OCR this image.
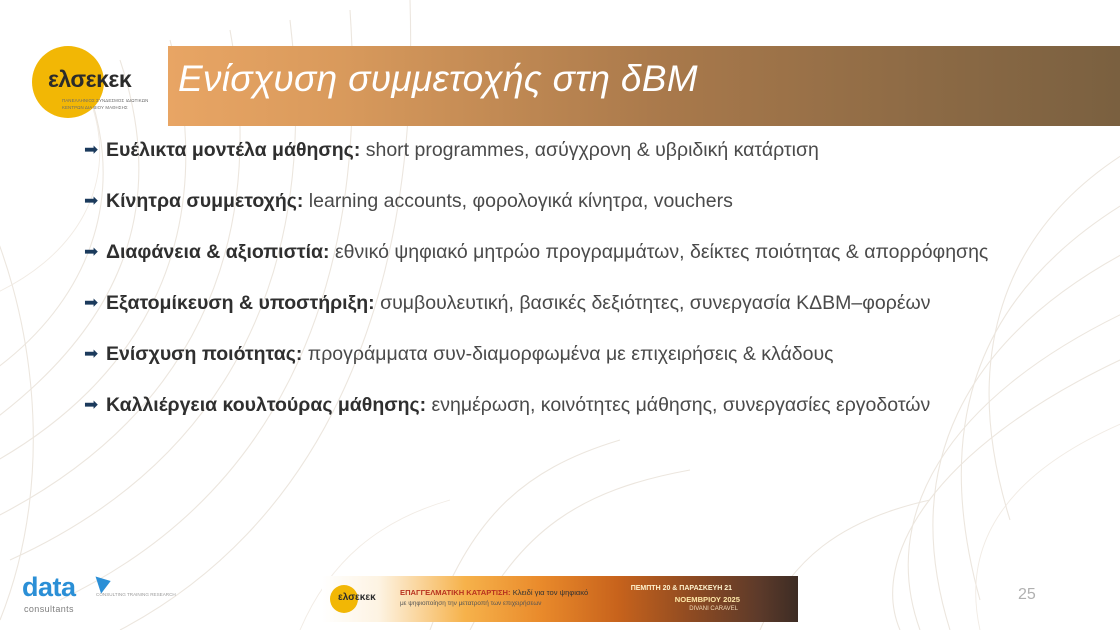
Ενίσχυση συμμετοχής στη δΒΜ
ελσεκεκ
ΠΑΝΕΛΛΗΝΙΟΣ ΣΥΝΔΕΣΜΟΣ ΙΔΙΩΤΙΚΩΝ
ΚΕΝΤΡΩΝ ΔΙΑ ΒΙΟΥ ΜΑΘΗΣΗΣ
➡ Ευέλικτα μοντέλα μάθησης: short programmes, ασύγχρονη & υβριδική κατάρτιση
➡ Κίνητρα συμμετοχής: learning accounts, φορολογικά κίνητρα, vouchers
➡ Διαφάνεια & αξιοπιστία: εθνικό ψηφιακό μητρώο προγραμμάτων, δείκτες ποιότητας & απορρόφησης
➡ Εξατομίκευση & υποστήριξη: συμβουλευτική, βασικές δεξιότητες, συνεργασία ΚΔΒΜ–φορέων
➡ Ενίσχυση ποιότητας: προγράμματα συν-διαμορφωμένα με επιχειρήσεις & κλάδους
➡ Καλλιέργεια κουλτούρας μάθησης: ενημέρωση, κοινότητες μάθησης, συνεργασίες εργοδοτών
data	CONSULTING TRAINING RESEARCH
consultants
ελσεκεκ	ΕΠΑΓΓΕΛΜΑΤΙΚΗ ΚΑΤΑΡΤΙΣΗ: Κλειδί για τον ψηφιακό
με ψηφιοποίηση την μετατροπή των επιχειρήσεων
ΠΕΜΠΤΗ 20 & ΠΑΡΑΣΚΕΥΗ 21
ΝΟΕΜΒΡΙΟΥ 2025
DIVANI CARAVEL
25
